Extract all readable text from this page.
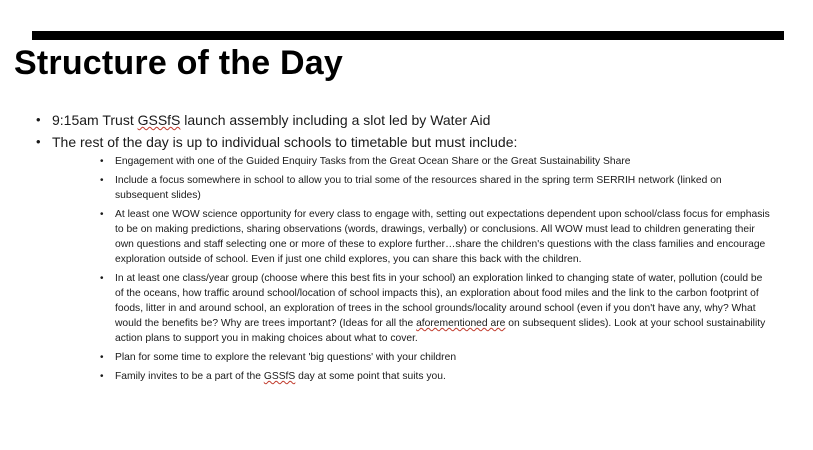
Structure of the Day
• 9:15am Trust GSSfS launch assembly including a slot led by Water Aid
• The rest of the day is up to individual schools to timetable but must include:
• Engagement with one of the Guided Enquiry Tasks from the Great Ocean Share or the Great Sustainability Share
• Include a focus somewhere in school to allow you to trial some of the resources shared in the spring term SERRIH network (linked on subsequent slides)
• At least one WOW science opportunity for every class to engage with, setting out expectations dependent upon school/class focus for emphasis to be on making predictions, sharing observations (words, drawings, verbally) or conclusions. All WOW must lead to children generating their own questions and staff selecting one or more of these to explore further…share the children's questions with the class families and encourage exploration outside of school. Even if just one child explores, you can share this back with the children.
• In at least one class/year group (choose where this best fits in your school) an exploration linked to changing state of water, pollution (could be of the oceans, how traffic around school/location of school impacts this), an exploration about food miles and the link to the carbon footprint of foods, litter in and around school, an exploration of trees in the school grounds/locality around school (even if you don't have any, why? What would the benefits be? Why are trees important? (Ideas for all the aforementioned are on subsequent slides). Look at your school sustainability action plans to support you in making choices about what to cover.
• Plan for some time to explore the relevant 'big questions' with your children
• Family invites to be a part of the GSSfS day at some point that suits you.
